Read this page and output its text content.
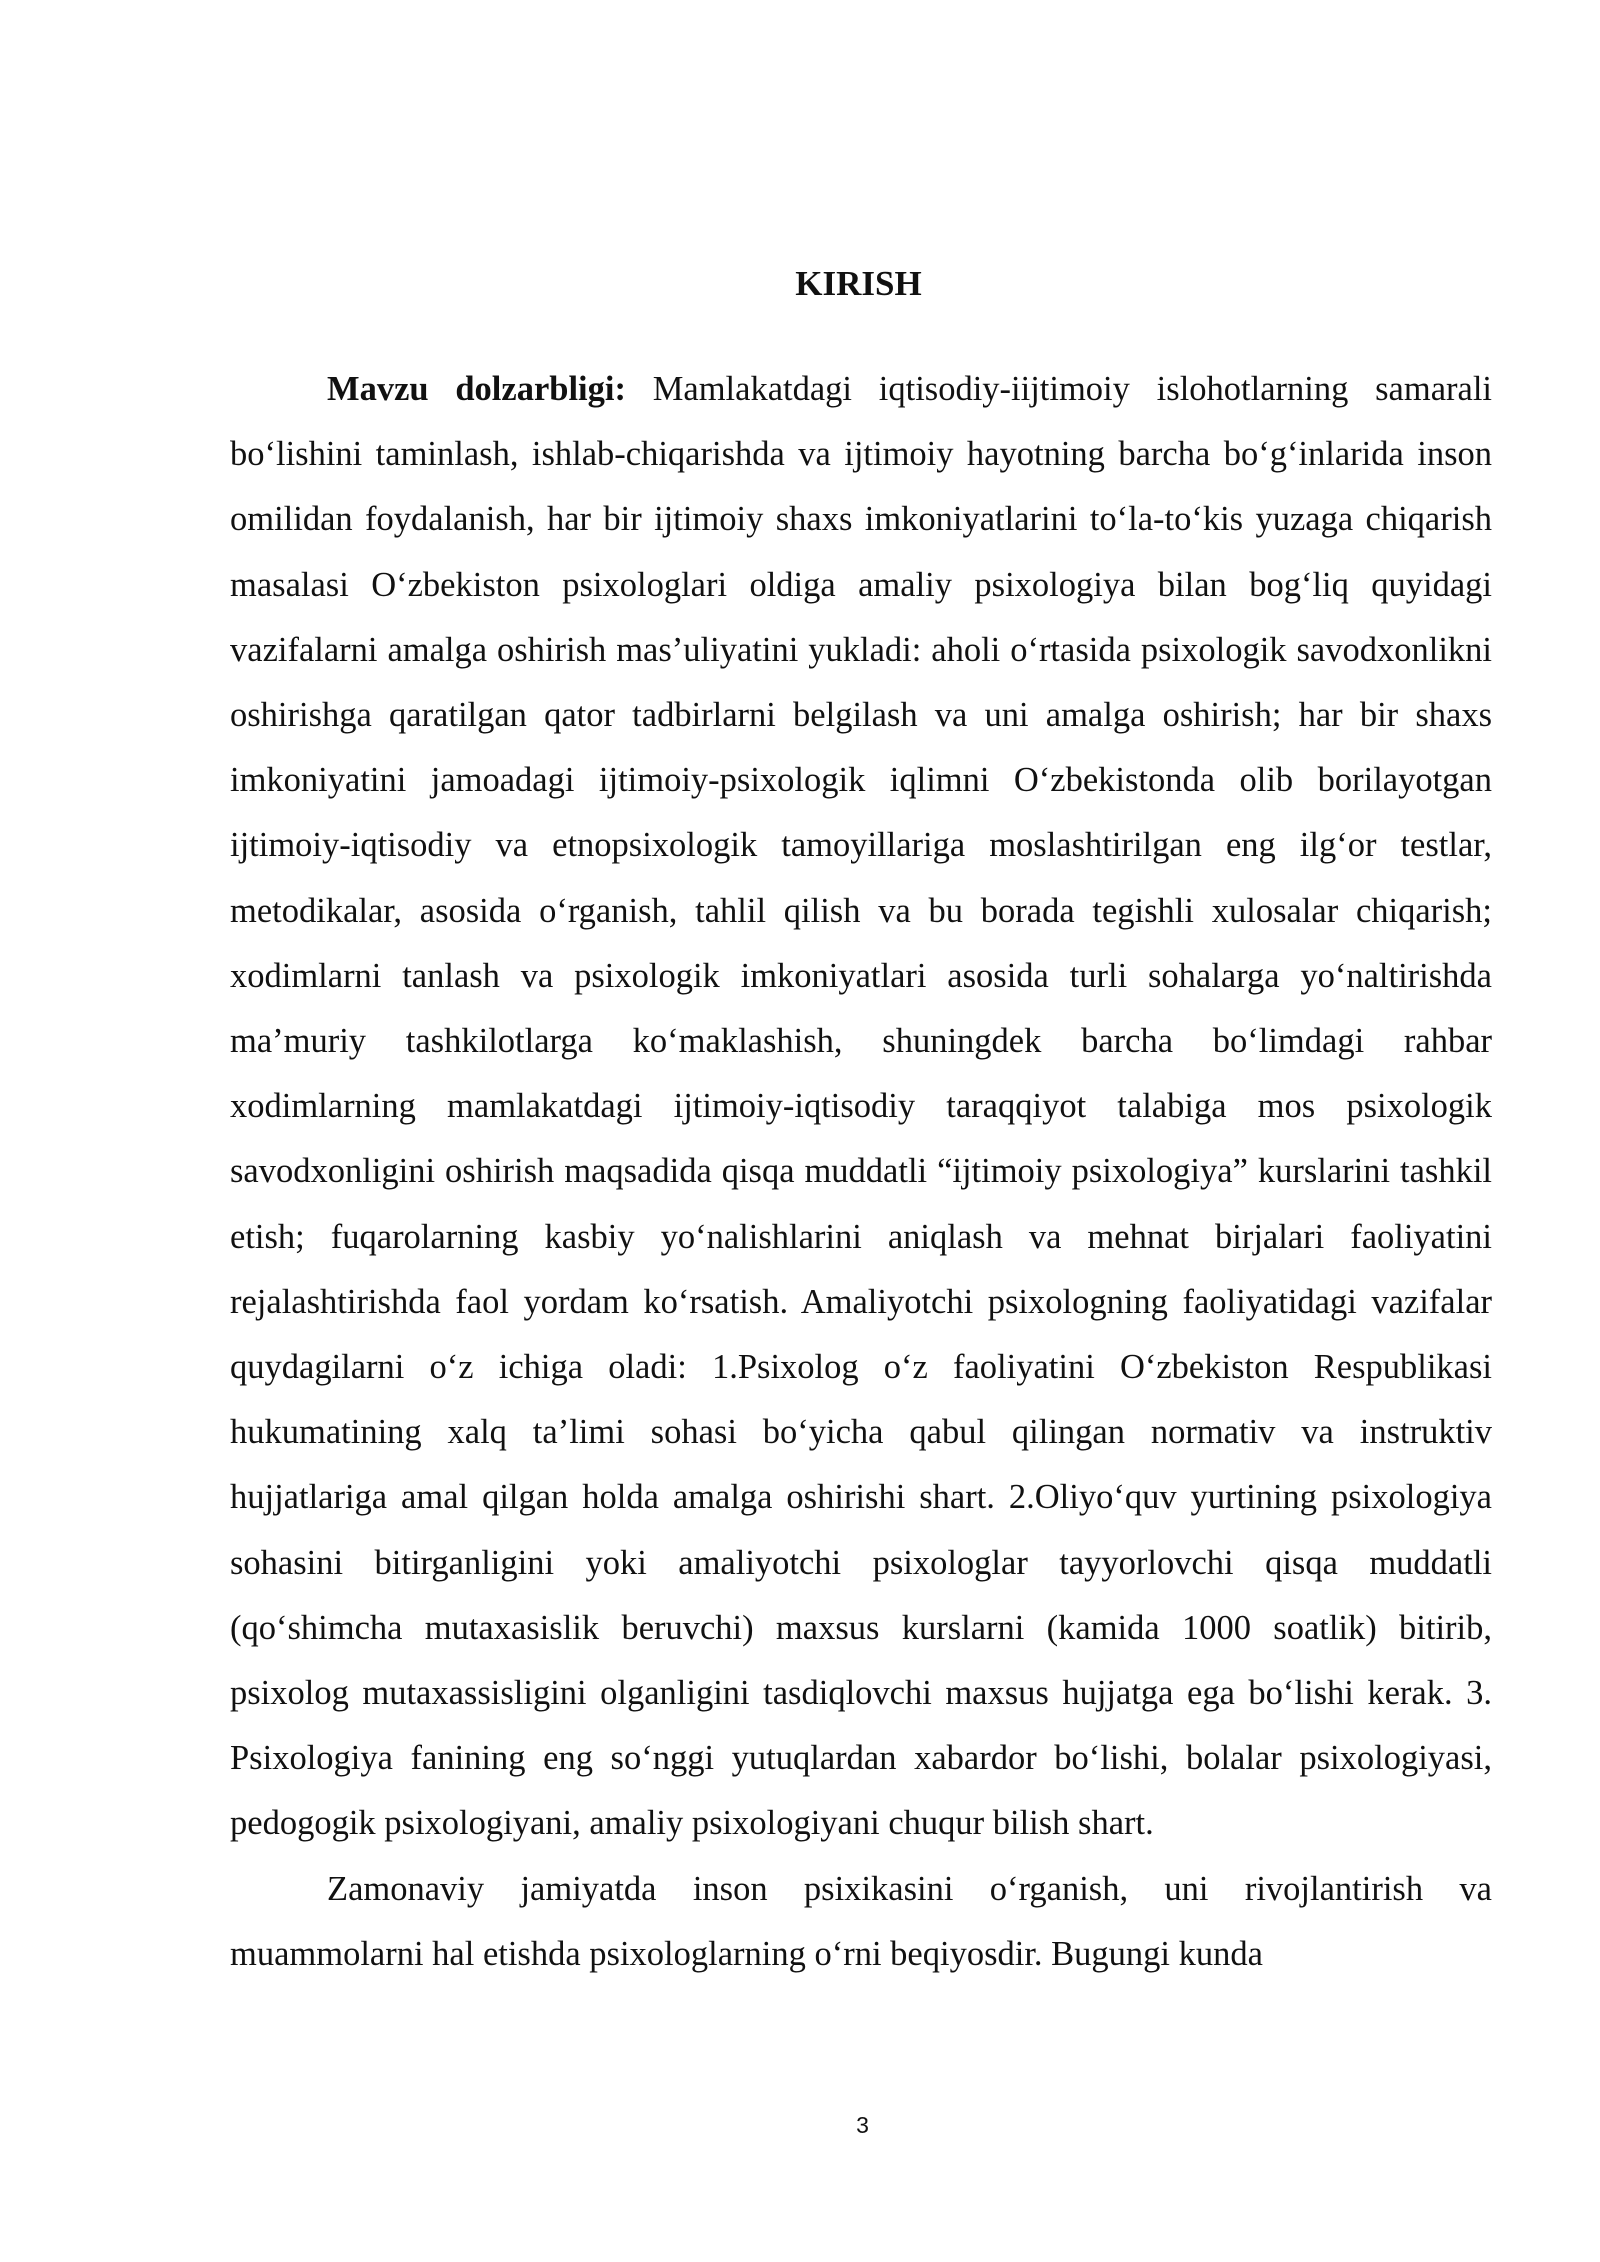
KIRISH

Mavzu dolzarbligi: Mamlakatdagi iqtisodiy-iijtimoiy islohotlarning samarali bo‘lishini taminlash, ishlab-chiqarishda va ijtimoiy hayotning barcha bo‘g‘inlarida inson omilidan foydalanish, har bir ijtimoiy shaxs imkoniyatlarini to‘la-to‘kis yuzaga chiqarish masalasi O‘zbekiston psixologlari oldiga amaliy psixologiya bilan bog‘liq quyidagi vazifalarni amalga oshirish mas’uliyatini yukladi: aholi o‘rtasida psixologik savodxonlikni oshirishga qaratilgan qator tadbirlarni belgilash va uni amalga oshirish; har bir shaxs imkoniyatini jamoadagi ijtimoiy-psixologik iqlimni O‘zbekistonda olib borilayotgan ijtimoiy-iqtisodiy va etnopsixologik tamoyillariga moslashtirilgan eng ilg‘or testlar, metodikalar, asosida o‘rganish, tahlil qilish va bu borada tegishli xulosalar chiqarish; xodimlarni tanlash va psixologik imkoniyatlari asosida turli sohalarga yo‘naltirishda ma’muriy tashkilotlarga ko‘maklashish, shuningdek barcha bo‘limdagi rahbar xodimlarning mamlakatdagi ijtimoiy-iqtisodiy taraqqiyot talabiga mos psixologik savodxonligini oshirish maqsadida qisqa muddatli “ijtimoiy psixologiya” kurslarini tashkil etish; fuqarolarning kasbiy yo‘nalishlarini aniqlash va mehnat birjalari faoliyatini rejalashtirishda faol yordam ko‘rsatish. Amaliyotchi psixologning faoliyatidagi vazifalar quydagilarni o‘z ichiga oladi: 1.Psixolog o‘z faoliyatini O‘zbekiston Respublikasi hukumatining xalq ta’limi sohasi bo‘yicha qabul qilingan normativ va instruktiv hujjatlariga amal qilgan holda amalga oshirishi shart. 2.Oliyo‘quv yurtining psixologiya sohasini bitirganligini yoki amaliyotchi psixologlar tayyorlovchi qisqa muddatli (qo‘shimcha mutaxasislik beruvchi) maxsus kurslarni (kamida 1000 soatlik) bitirib, psixolog mutaxassisligini olganligini tasdiqlovchi maxsus hujjatga ega bo‘lishi kerak. 3. Psixologiya fanining eng so‘nggi yutuqlardan xabardor bo‘lishi, bolalar psixologiyasi, pedogogik psixologiyani, amaliy psixologiyani chuqur bilish shart.

Zamonaviy jamiyatda inson psixikasini o‘rganish, uni rivojlantirish va muammolarni hal etishda psixologlarning o‘rni beqiyosdir. Bugungi kunda

3
